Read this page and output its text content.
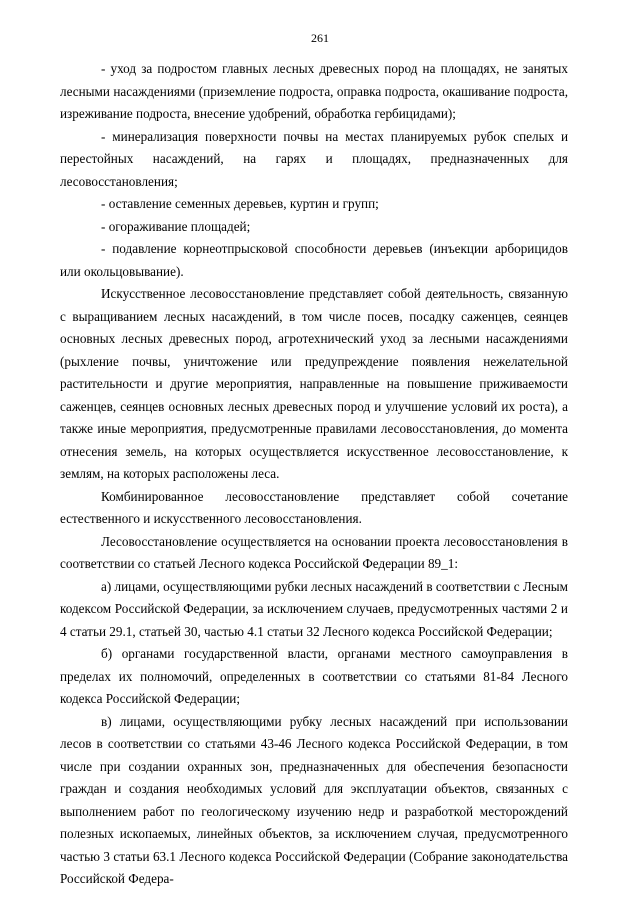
261

- уход за подростом главных лесных древесных пород на площадях, не занятых лесными насаждениями (приземление подроста, оправка подроста, окашивание подроста, изреживание подроста, внесение удобрений, обработка гербицидами);

- минерализация поверхности почвы на местах планируемых рубок спелых и перестойных насаждений, на гарях и площадях, предназначенных для лесовосстановления;

- оставление семенных деревьев, куртин и групп;

- огораживание площадей;

- подавление корнеотпрысковой способности деревьев (инъекции арборицидов или окольцовывание).

Искусственное лесовосстановление представляет собой деятельность, связанную с выращиванием лесных насаждений, в том числе посев, посадку саженцев, сеянцев основных лесных древесных пород, агротехнический уход за лесными насаждениями (рыхление почвы, уничтожение или предупреждение появления нежелательной растительности и другие мероприятия, направленные на повышение приживаемости саженцев, сеянцев основных лесных древесных пород и улучшение условий их роста), а также иные мероприятия, предусмотренные правилами лесовосстановления, до момента отнесения земель, на которых осуществляется искусственное лесовосстановление, к землям, на которых расположены леса.

Комбинированное лесовосстановление представляет собой сочетание естественного и искусственного лесовосстановления.

Лесовосстановление осуществляется на основании проекта лесовосстановления в соответствии со статьей Лесного кодекса Российской Федерации 89_1:

а) лицами, осуществляющими рубки лесных насаждений в соответствии с Лесным кодексом Российской Федерации, за исключением случаев, предусмотренных частями 2 и 4 статьи 29.1, статьей 30, частью 4.1 статьи 32 Лесного кодекса Российской Федерации;

б) органами государственной власти, органами местного самоуправления в пределах их полномочий, определенных в соответствии со статьями 81-84 Лесного кодекса Российской Федерации;

в) лицами, осуществляющими рубку лесных насаждений при использовании лесов в соответствии со статьями 43-46 Лесного кодекса Российской Федерации, в том числе при создании охранных зон, предназначенных для обеспечения безопасности граждан и создания необходимых условий для эксплуатации объектов, связанных с выполнением работ по геологическому изучению недр и разработкой месторождений полезных ископаемых, линейных объектов, за исключением случая, предусмотренного частью 3 статьи 63.1 Лесного кодекса Российской Федерации (Собрание законодательства Российской Федера-
